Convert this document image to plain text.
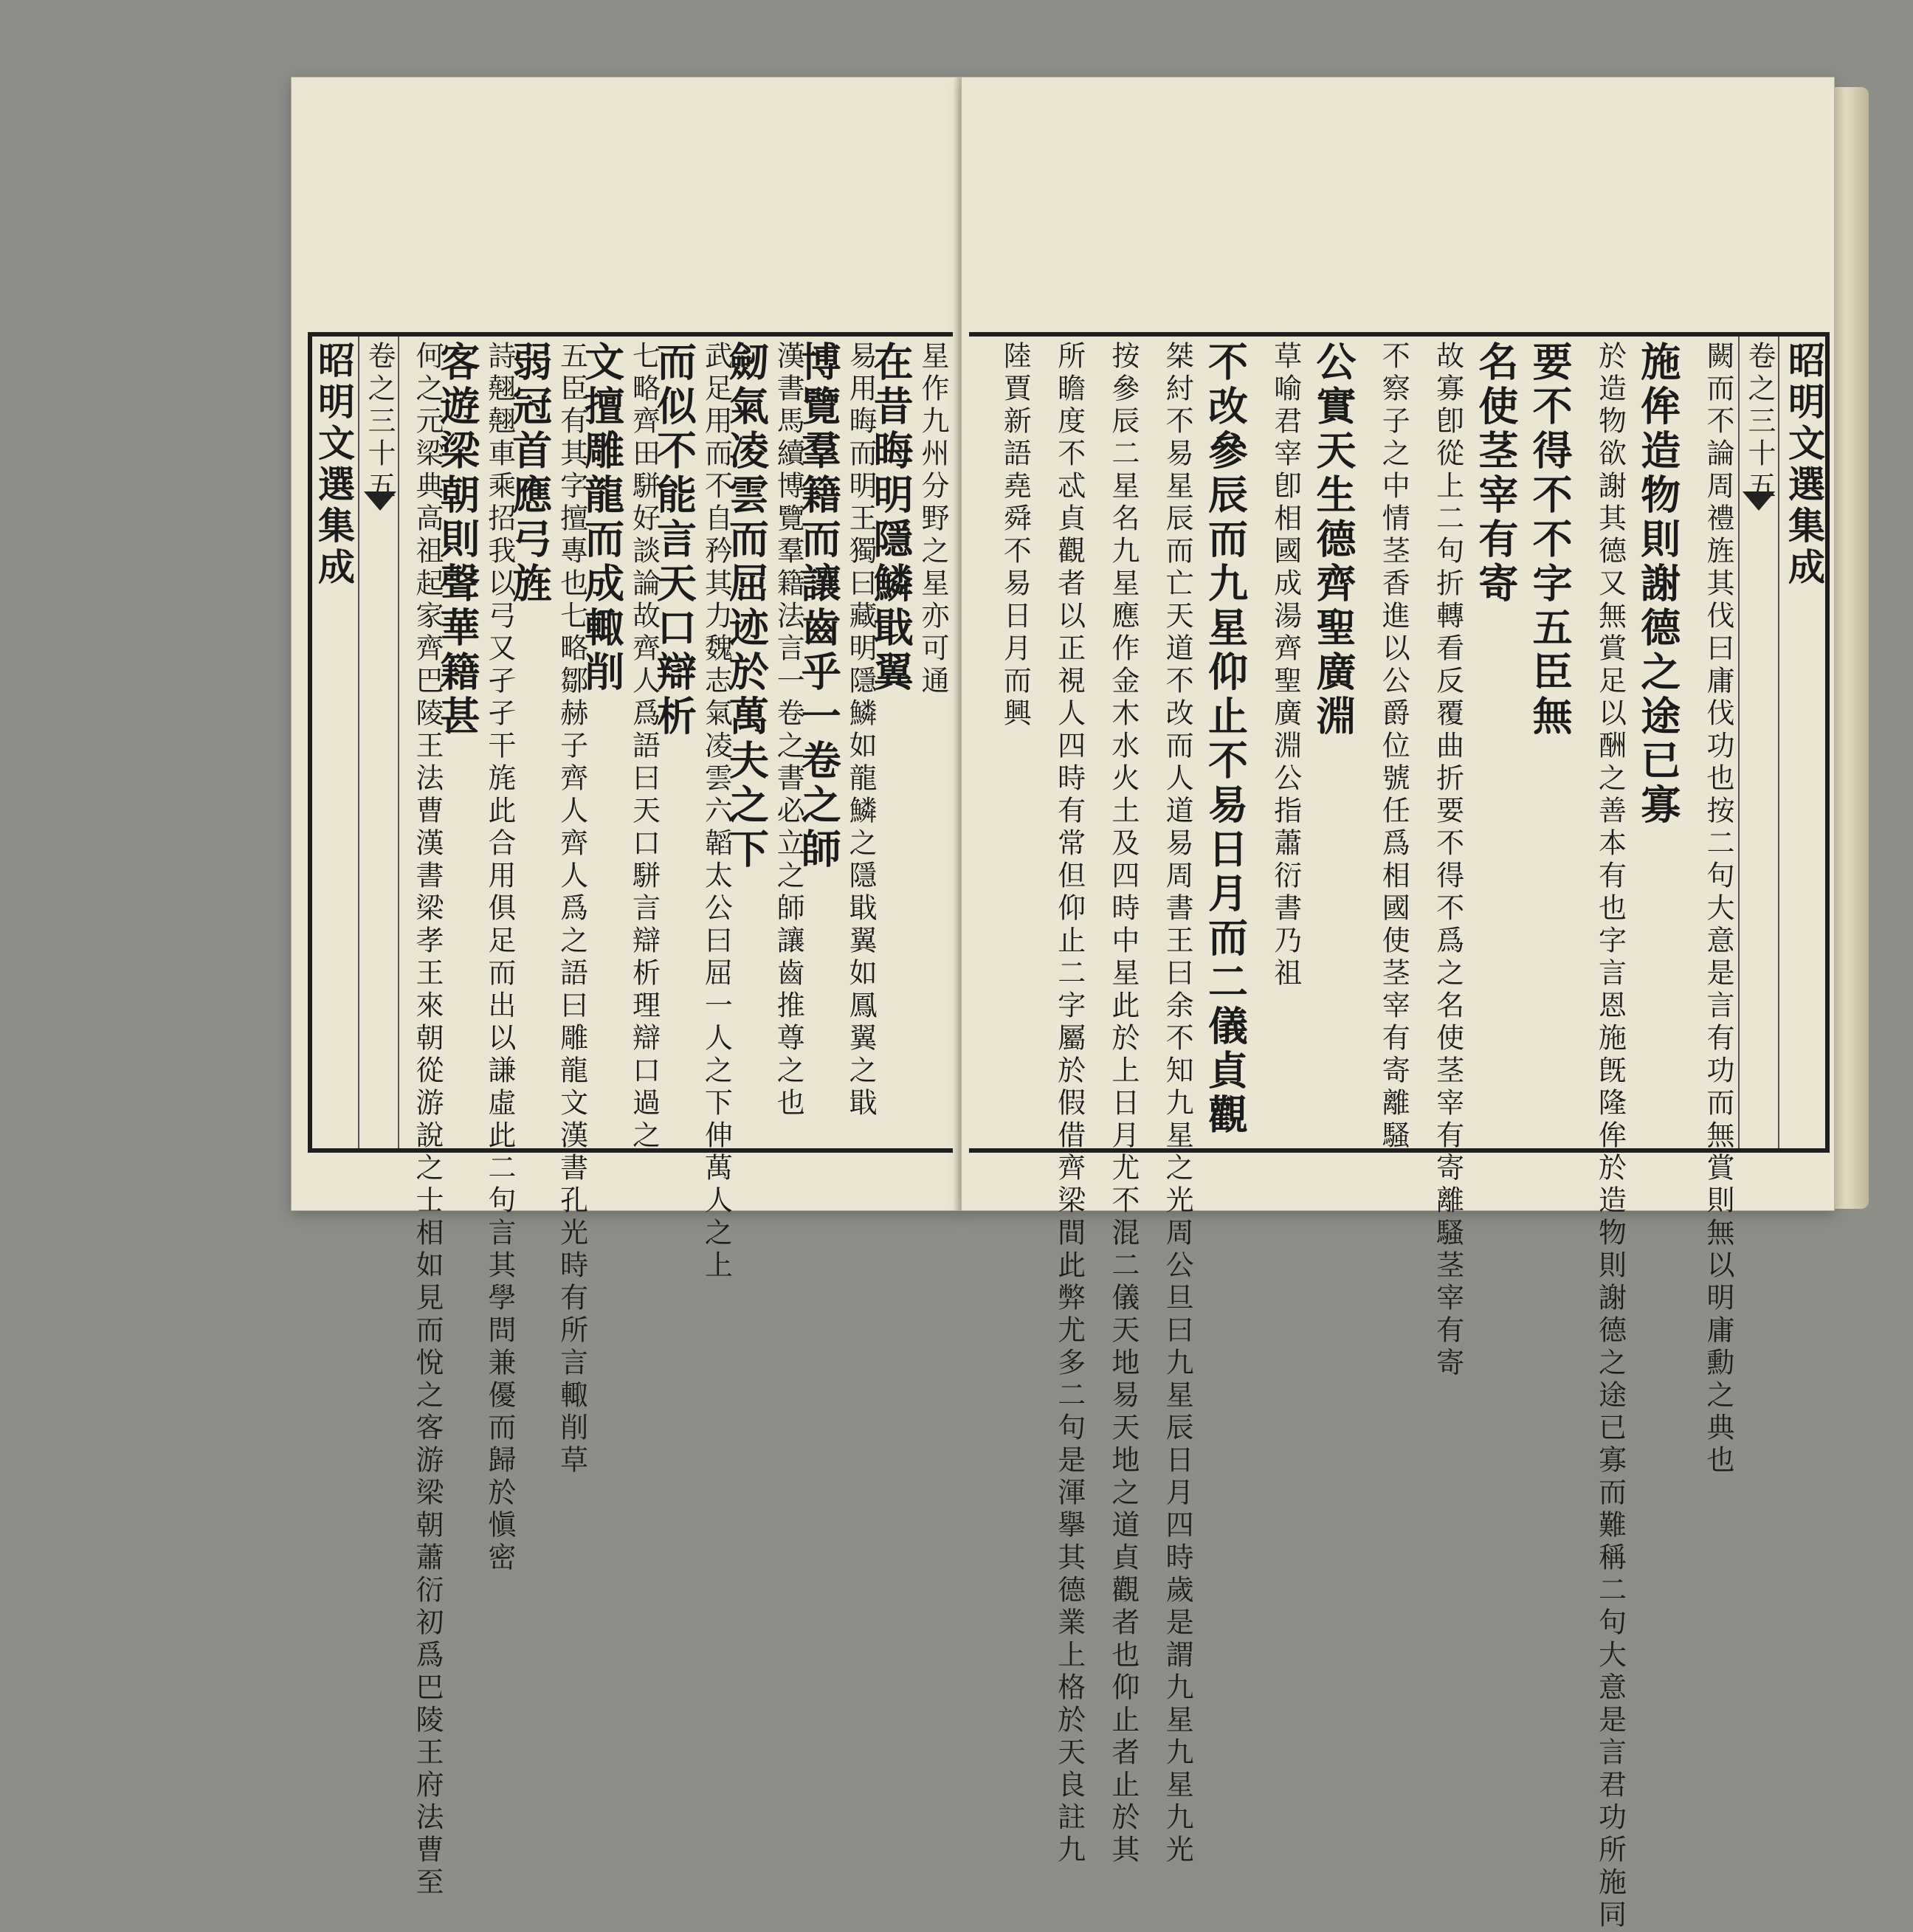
昭明文選集成 卷之三十五	星作九州分野之星亦可通
在昔晦明隱鱗戢翼
易用晦而明王獨曰藏明隱鱗如龍鱗之隱戢翼如鳳翼之戢
博覽羣籍而讓齒乎一卷之師
漢書馬續博覽羣籍法言一卷之書必立之師讓齒推尊之也
劒氣凌雲而屈迹於萬夫之下
武足用而不自矜其力魏志氣凌雲六韜太公曰屈一人之下伸萬人之上
而似不能言天口辯析
七略齊田駢好談論故齊人爲語曰天口駢言辯析理辯口過之
文擅雕龍而成輙削
五臣有其字擅專也七略鄒赫子齊人齊人爲之語曰雕龍文漢書孔光時有所言輙削草
弱冠首應弓旌
詩翹翹車乘招我以弓又孑孑干旄此合用俱足而出以謙虛此二句言其學問兼優而歸於愼密
客遊梁朝則聲華籍甚
何之元梁典高祖起家齊巴陵王法曹漢書梁孝王來朝從游說之士相如見而悅之客游梁朝蕭衍初爲巴陵王府法曹至	昭明文選集成
卷之三十五
闕而不論周禮旌其伐曰庸伐功也按二句大意是言有功而無賞則無以明庸勳之典也
施侔造物則謝德之途已寡
於造物欲謝其德又無賞足以酬之善本有也字言恩施旣隆侔於造物則謝德之途已寡而難稱二句大意是言君功所施同
要不得不不字五臣無
名使茎宰有寄
故寡卽從上二句折轉看反覆曲折要不得不爲之名使茎宰有寄離騷茎宰有寄
不察子之中情茎香進以公爵位號任爲相國使茎宰有寄離騷
公實天生德齊聖廣淵
草喻君宰卽相國成湯齊聖廣淵公指蕭衍書乃祖
不改參辰而九星仰止不易日月而二儀貞觀
桀紂不易星辰而亡天道不改而人道易周書王曰余不知九星之光周公旦曰九星辰日月四時歲是謂九星九星九光
按參辰二星名九星應作金木水火土及四時中星此於上日月尤不混二儀天地易天地之道貞觀者也仰止者止於其
所瞻度不忒貞觀者以正視人四時有常但仰止二字屬於假借齊梁間此弊尤多二句是渾擧其德業上格於天良註九
陸賈新語堯舜不易日月而興
